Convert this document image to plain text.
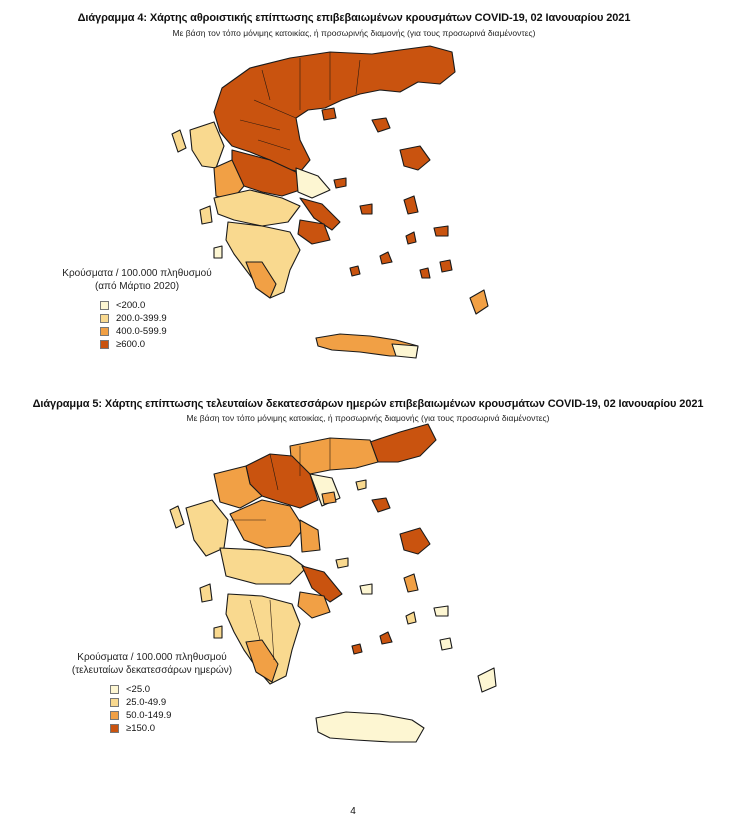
Διάγραμμα 4: Χάρτης αθροιστικής επίπτωσης επιβεβαιωμένων κρουσμάτων COVID-19, 02 Ιανουαρίου 2021
Με βάση τον τόπο μόνιμης κατοικίας, ή προσωρινής διαμονής (για τους προσωρινά διαμένοντες)
Κρούσματα / 100.000 πληθυσμού
(από Μάρτιο 2020)
<200.0
200.0-399.9
400.0-599.9
≥600.0
Διάγραμμα 5: Χάρτης επίπτωσης τελευταίων δεκατεσσάρων ημερών επιβεβαιωμένων κρουσμάτων COVID-19, 02 Ιανουαρίου 2021
Με βάση τον τόπο μόνιμης κατοικίας, ή προσωρινής διαμονής (για τους προσωρινά διαμένοντες)
Κρούσματα / 100.000 πληθυσμού
(τελευταίων δεκατεσσάρων ημερών)
<25.0
25.0-49.9
50.0-149.9
≥150.0
4
